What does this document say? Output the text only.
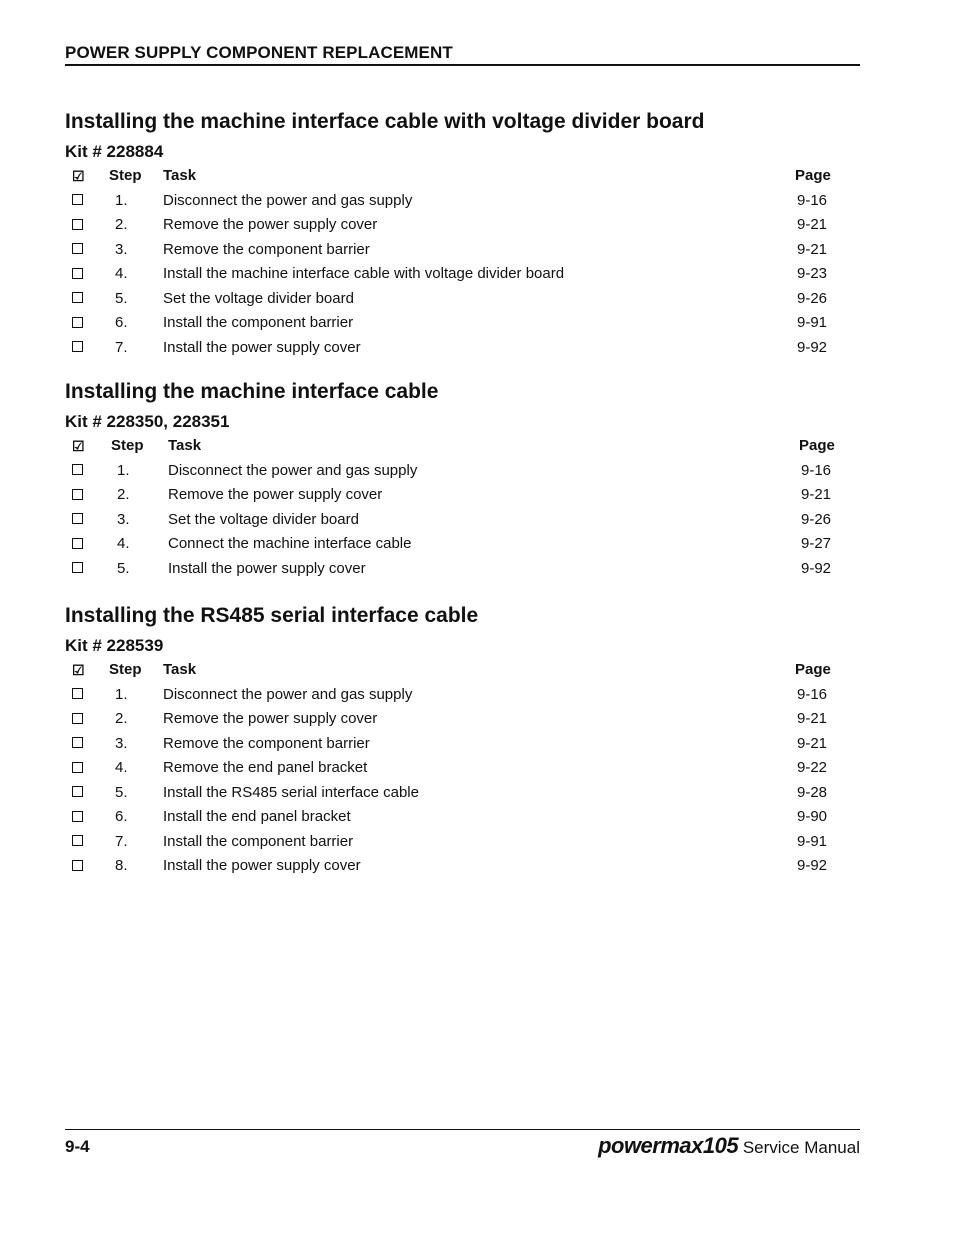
POWER SUPPLY COMPONENT REPLACEMENT
Installing the machine interface cable with voltage divider board
Kit # 228884
☑ Step Task	Page
1. Disconnect the power and gas supply	9-16
2. Remove the power supply cover	9-21
3. Remove the component barrier	9-21
4. Install the machine interface cable with voltage divider board	9-23
5. Set the voltage divider board	9-26
6. Install the component barrier	9-91
7. Install the power supply cover	9-92
Installing the machine interface cable
Kit # 228350, 228351
☑ Step Task	Page
1.	Disconnect the power and gas supply	9-16
2.	Remove the power supply cover	9-21
3.	Set the voltage divider board	9-26
4.	Connect the machine interface cable	9-27
5.	Install the power supply cover	9-92
Installing the RS485 serial interface cable
Kit # 228539
☑ Step Task	Page
1. Disconnect the power and gas supply	9-16
2. Remove the power supply cover	9-21
3. Remove the component barrier	9-21
4. Remove the end panel bracket	9-22
5. Install the RS485 serial interface cable	9-28
6. Install the end panel bracket	9-90
7. Install the component barrier	9-91
8. Install the power supply cover	9-92
9-4	powermax105 Service Manual
